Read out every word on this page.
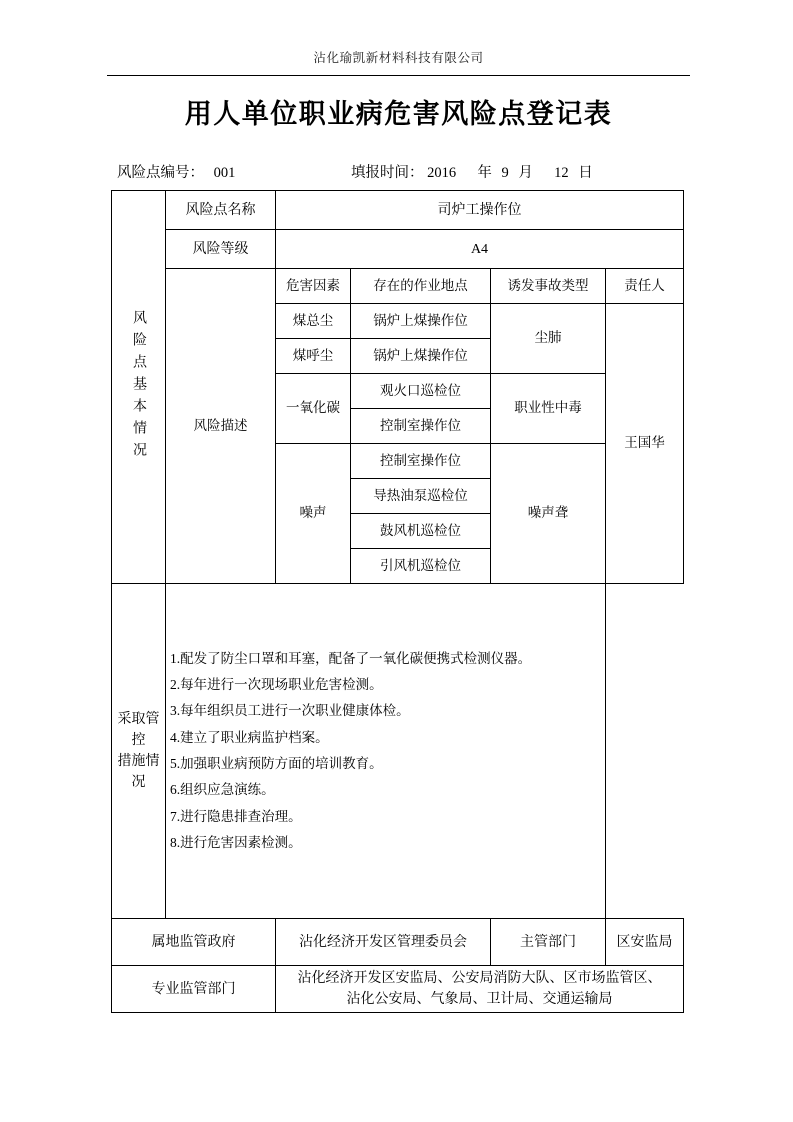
沾化瑜凯新材料科技有限公司
用人单位职业病危害风险点登记表
风险点编号： 001	填报时间： 2016 年 9 月 12 日
风险点基本情况	风险点名称	司炉工操作位			
	风险等级	A4			
	风险描述	危害因素	存在的作业地点	诱发事故类型	责任人
		煤总尘	锅炉上煤操作位	尘肺	王国华
		煤呼尘	锅炉上煤操作位		
		一氧化碳	观火口巡检位	职业性中毒	
			控制室操作位		
		噪声	控制室操作位	噪声聋	
			导热油泵巡检位		
			鼓风机巡检位		
			引风机巡检位		
采取管控
措施情况	
1.配发了防尘口罩和耳塞，配备了一氧化碳便携式检测仪器。
2.每年进行一次现场职业危害检测。
3.每年组织员工进行一次职业健康体检。
4.建立了职业病监护档案。
5.加强职业病预防方面的培训教育。
6.组织应急演练。
7.进行隐患排查治理。
8.进行危害因素检测。

属地监管政府		沾化经济开发区管理委员会		主管部门	区安监局
专业监管部门		沾化经济开发区安监局、公安局消防大队、区市场监管区、
沾化公安局、气象局、卫计局、交通运输局			
